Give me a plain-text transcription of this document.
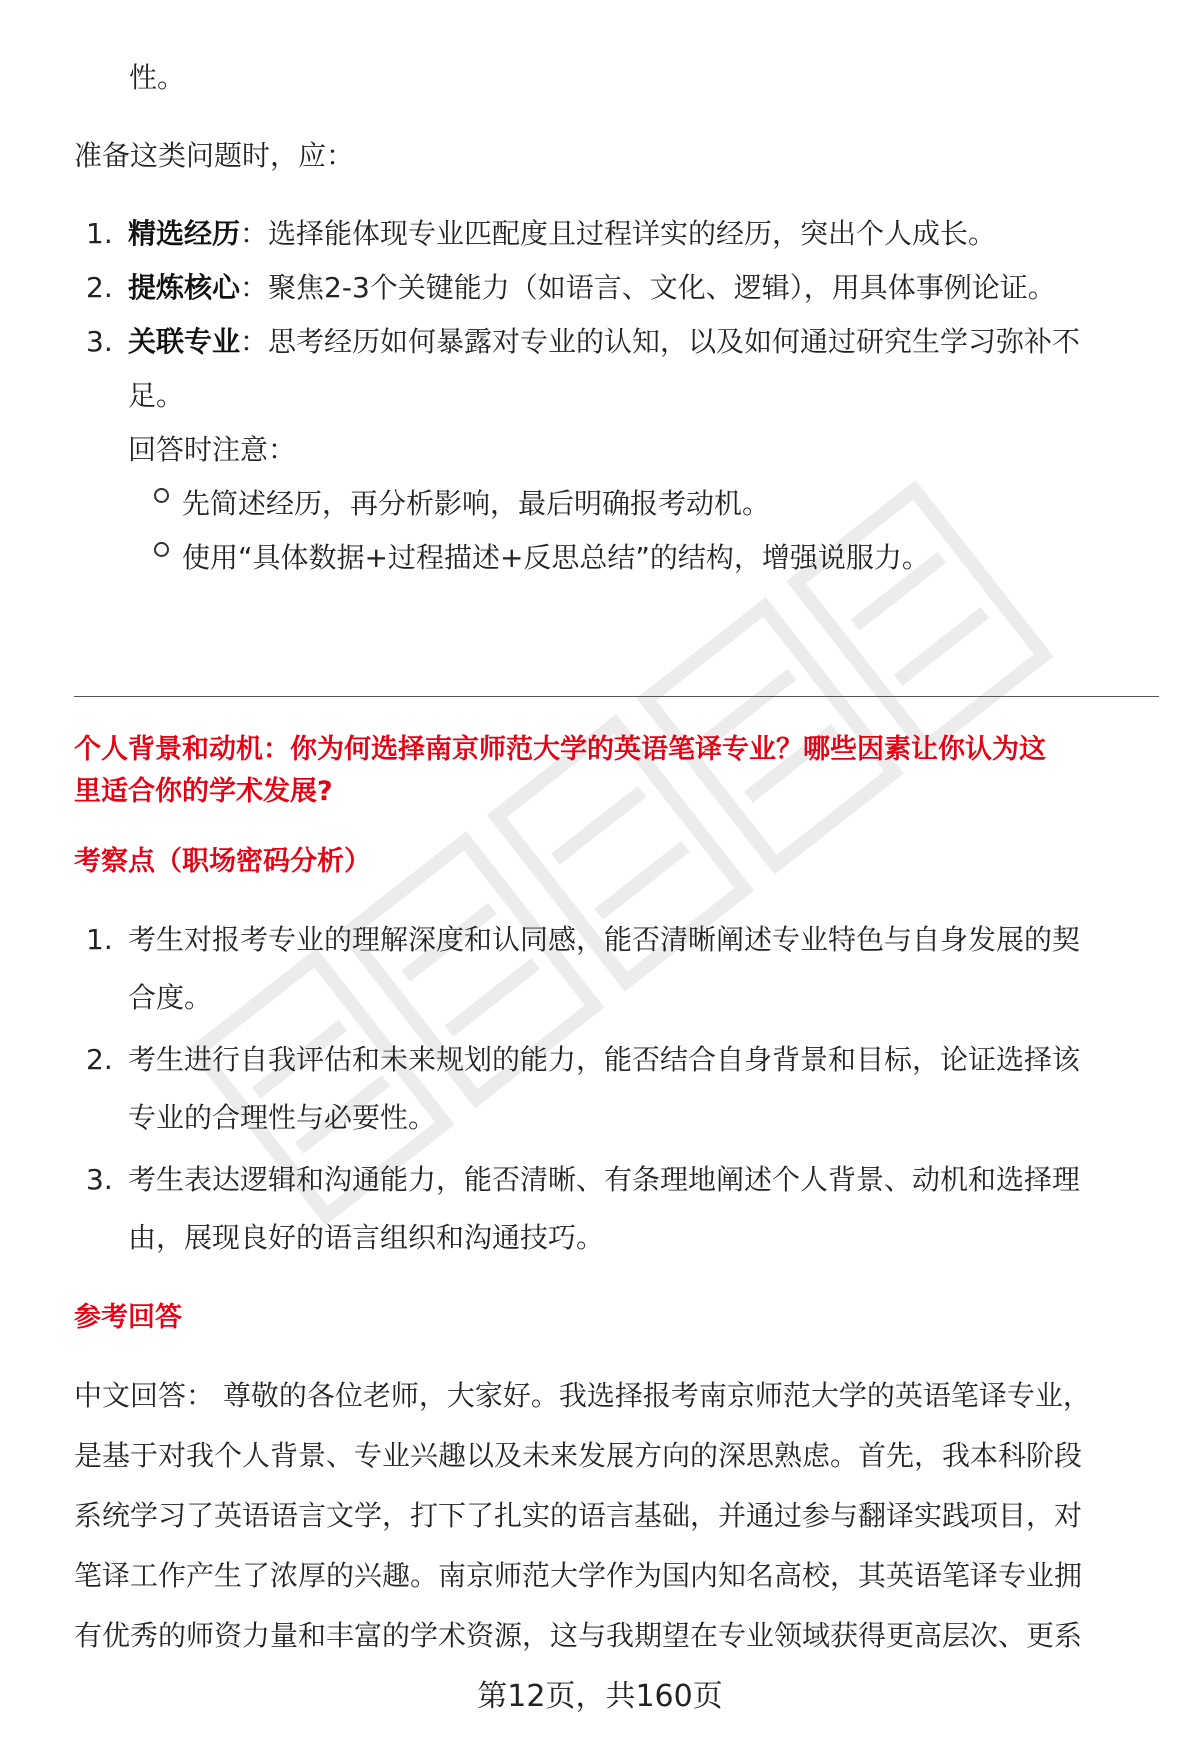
性。
准备这类问题时，应：
1. 精选经历：选择能体现专业匹配度且过程详实的经历，突出个人成长。
2. 提炼核心：聚焦2-3个关键能力（如语言、文化、逻辑），用具体事例论证。
3. 关联专业：思考经历如何暴露对专业的认知，以及如何通过研究生学习弥补不
足。
回答时注意：
先简述经历，再分析影响，最后明确报考动机。
使用“具体数据+过程描述+反思总结”的结构，增强说服力。
个人背景和动机：你为何选择南京师范大学的英语笔译专业？哪些因素让你认为这
里适合你的学术发展?
考察点（职场密码分析）
1. 考生对报考专业的理解深度和认同感，能否清晰阐述专业特色与自身发展的契
合度。
2. 考生进行自我评估和未来规划的能力，能否结合自身背景和目标，论证选择该
专业的合理性与必要性。
3. 考生表达逻辑和沟通能力，能否清晰、有条理地阐述个人背景、动机和选择理
由，展现良好的语言组织和沟通技巧。
参考回答
中文回答： 尊敬的各位老师，大家好。我选择报考南京师范大学的英语笔译专业，
是基于对我个人背景、专业兴趣以及未来发展方向的深思熟虑。首先，我本科阶段
系统学习了英语语言文学，打下了扎实的语言基础，并通过参与翻译实践项目，对
笔译工作产生了浓厚的兴趣。南京师范大学作为国内知名高校，其英语笔译专业拥
有优秀的师资力量和丰富的学术资源，这与我期望在专业领域获得更高层次、更系
第12页，共160页
